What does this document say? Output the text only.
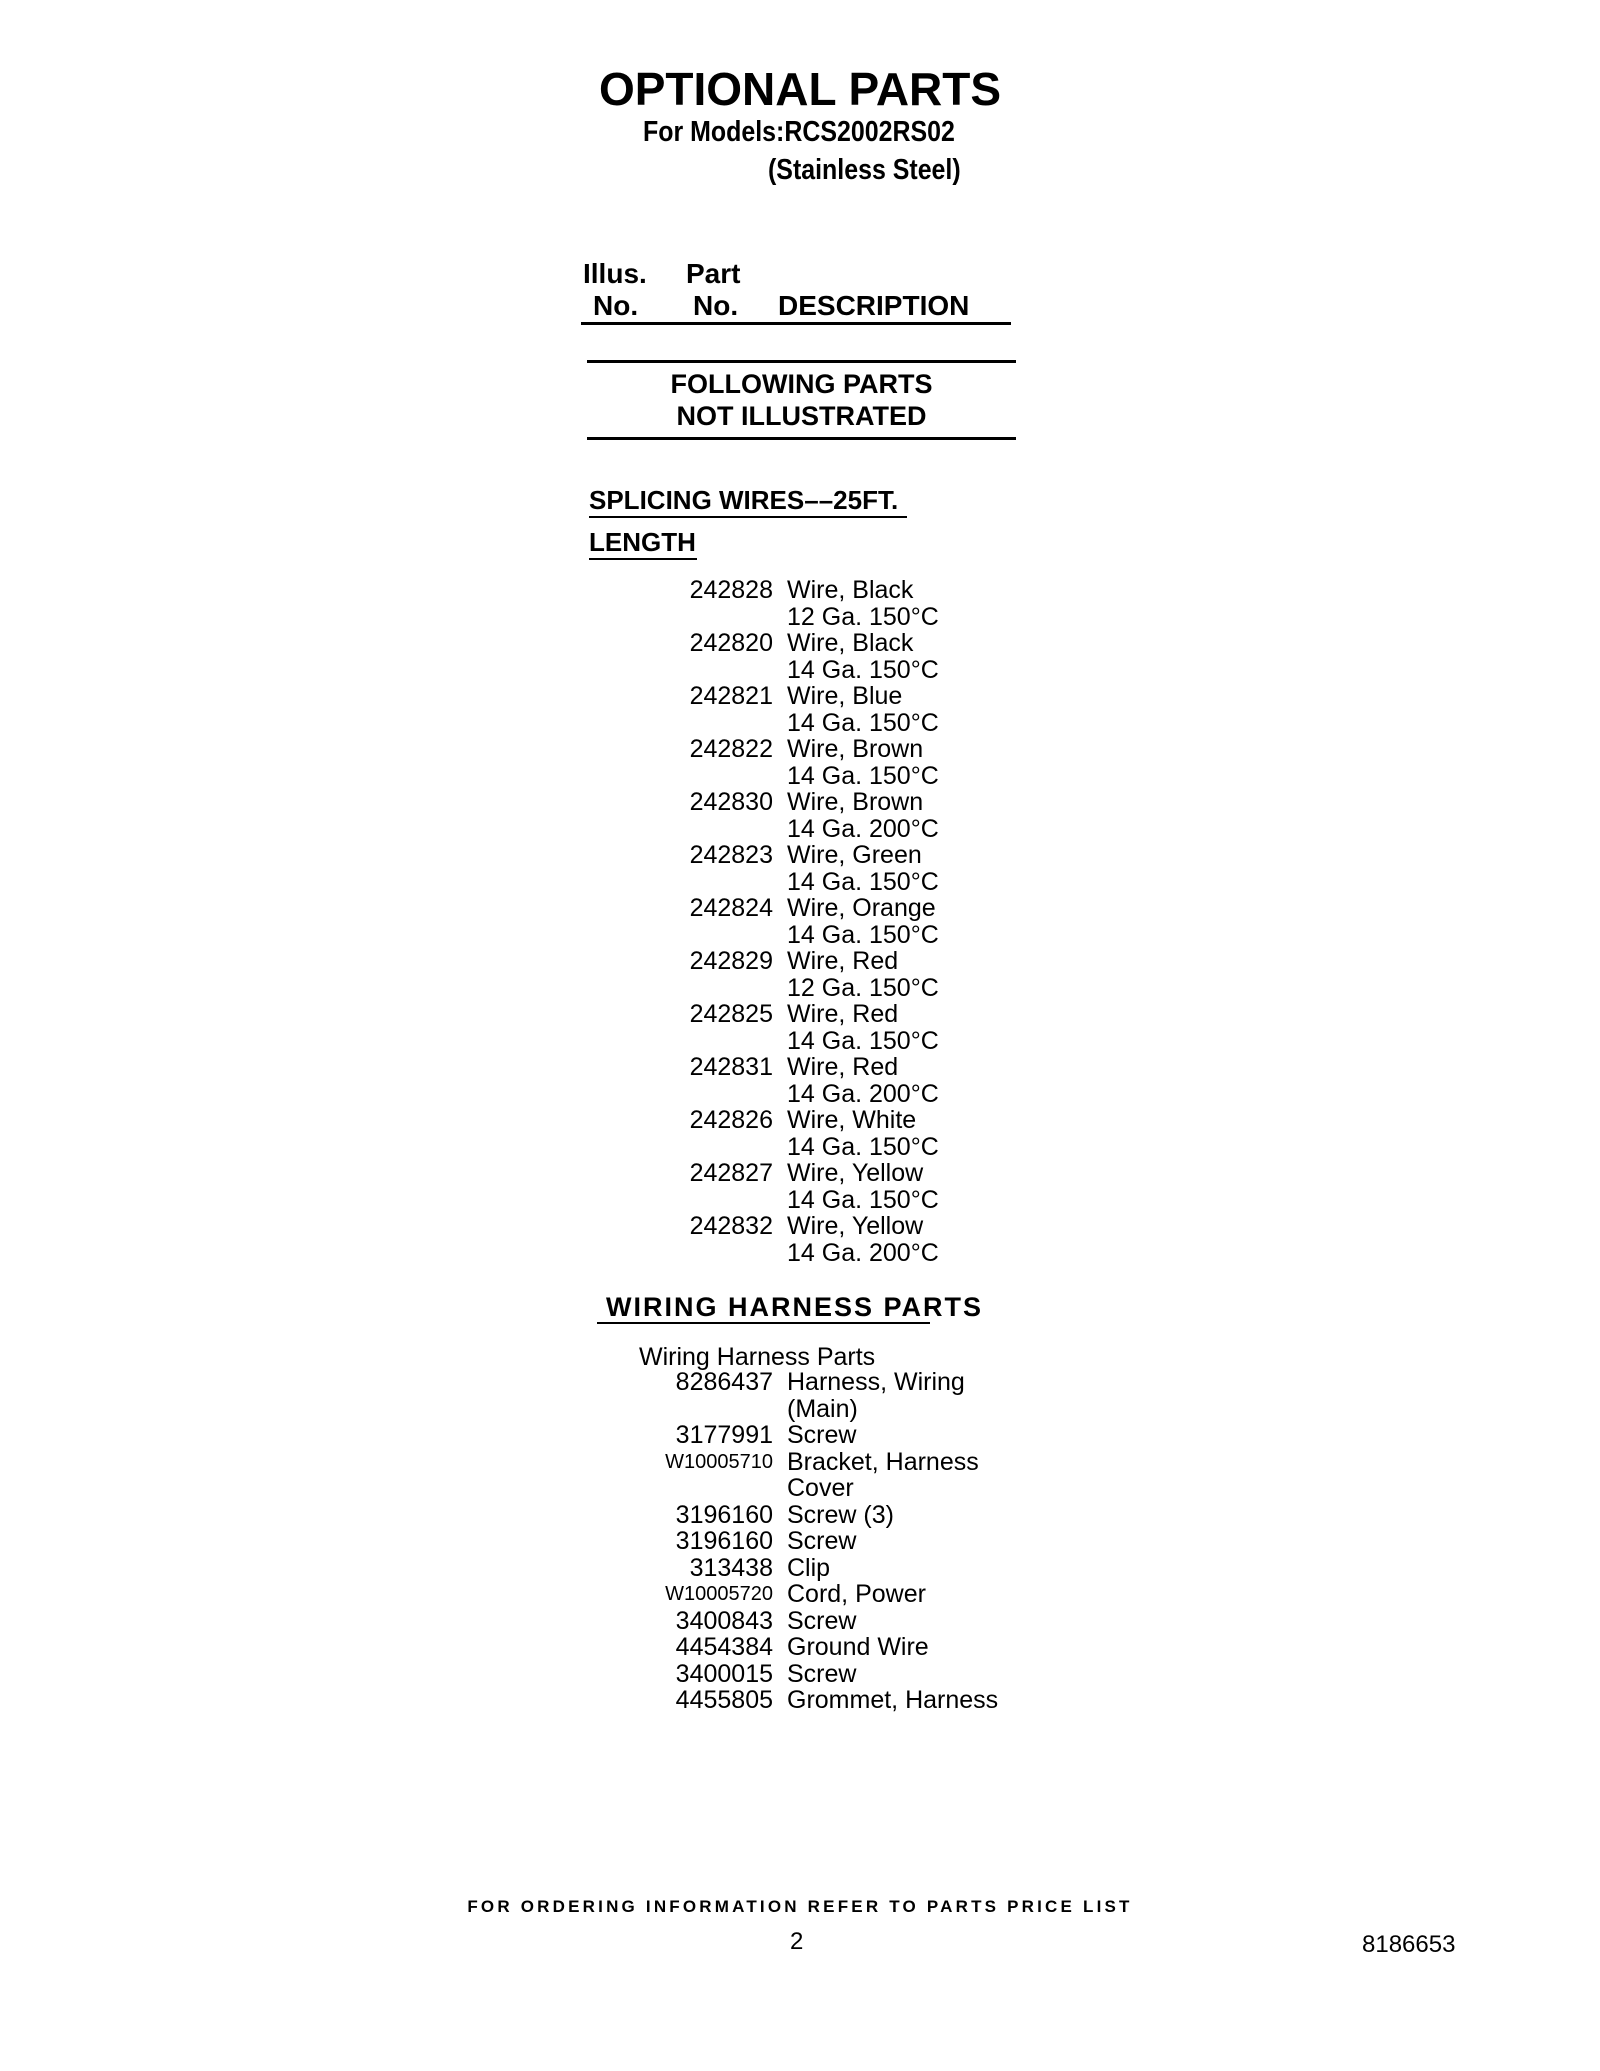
OPTIONAL PARTS
For Models:RCS2002RS02
(Stainless Steel)
Illus.
No.
Part
No. DESCRIPTION
FOLLOWING PARTS
NOT ILLUSTRATED
SPLICING WIRES––25FT.
LENGTH
242828 Wire, Black
12 Ga. 150°C
242820 Wire, Black
14 Ga. 150°C
242821 Wire, Blue
14 Ga. 150°C
242822 Wire, Brown
14 Ga. 150°C
242830 Wire, Brown
14 Ga. 200°C
242823 Wire, Green
14 Ga. 150°C
242824 Wire, Orange
14 Ga. 150°C
242829 Wire, Red
12 Ga. 150°C
242825 Wire, Red
14 Ga. 150°C
242831 Wire, Red
14 Ga. 200°C
242826 Wire, White
14 Ga. 150°C
242827 Wire, Yellow
14 Ga. 150°C
242832 Wire, Yellow
14 Ga. 200°C
WIRING HARNESS PARTS
Wiring Harness Parts
8286437 Harness, Wiring
(Main)
3177991 Screw
W10005710 Bracket, Harness
Cover
3196160 Screw (3)
3196160 Screw
313438 Clip
W10005720 Cord, Power
3400843 Screw
4454384 Ground Wire
3400015 Screw
4455805 Grommet, Harness
FOR ORDERING INFORMATION REFER TO PARTS PRICE LIST
2	8186653
